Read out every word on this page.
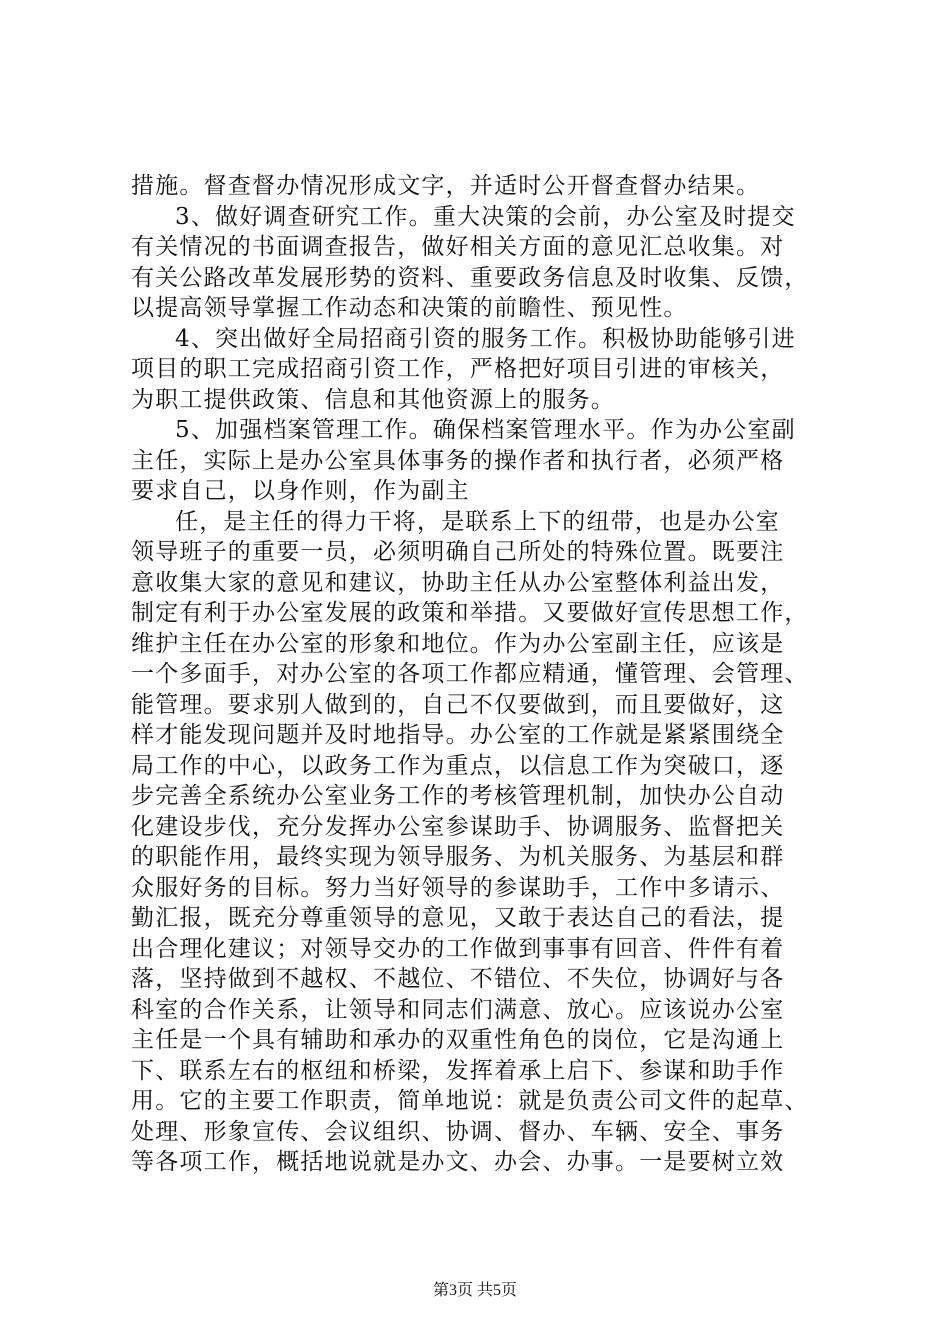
措施。督查督办情况形成文字，并适时公开督查督办结果。
3、做好调查研究工作。重大决策的会前，办公室及时提交
有关情况的书面调查报告，做好相关方面的意见汇总收集。对
有关公路改革发展形势的资料、重要政务信息及时收集、反馈，
以提高领导掌握工作动态和决策的前瞻性、预见性。
4、突出做好全局招商引资的服务工作。积极协助能够引进
项目的职工完成招商引资工作，严格把好项目引进的审核关，
为职工提供政策、信息和其他资源上的服务。
5、加强档案管理工作。确保档案管理水平。作为办公室副
主任，实际上是办公室具体事务的操作者和执行者，必须严格
要求自己，以身作则，作为副主
任，是主任的得力干将，是联系上下的纽带，也是办公室
领导班子的重要一员，必须明确自己所处的特殊位置。既要注
意收集大家的意见和建议，协助主任从办公室整体利益出发，
制定有利于办公室发展的政策和举措。又要做好宣传思想工作，
维护主任在办公室的形象和地位。作为办公室副主任，应该是
一个多面手，对办公室的各项工作都应精通，懂管理、会管理、
能管理。要求别人做到的，自己不仅要做到，而且要做好，这
样才能发现问题并及时地指导。办公室的工作就是紧紧围绕全
局工作的中心，以政务工作为重点，以信息工作为突破口，逐
步完善全系统办公室业务工作的考核管理机制，加快办公自动
化建设步伐，充分发挥办公室参谋助手、协调服务、监督把关
的职能作用，最终实现为领导服务、为机关服务、为基层和群
众服好务的目标。努力当好领导的参谋助手，工作中多请示、
勤汇报，既充分尊重领导的意见，又敢于表达自己的看法，提
出合理化建议；对领导交办的工作做到事事有回音、件件有着
落，坚持做到不越权、不越位、不错位、不失位，协调好与各
科室的合作关系，让领导和同志们满意、放心。应该说办公室
主任是一个具有辅助和承办的双重性角色的岗位，它是沟通上
下、联系左右的枢纽和桥梁，发挥着承上启下、参谋和助手作
用。它的主要工作职责，简单地说：就是负责公司文件的起草、
处理、形象宣传、会议组织、协调、督办、车辆、安全、事务
等各项工作，概括地说就是办文、办会、办事。一是要树立效
第3页 共5页
